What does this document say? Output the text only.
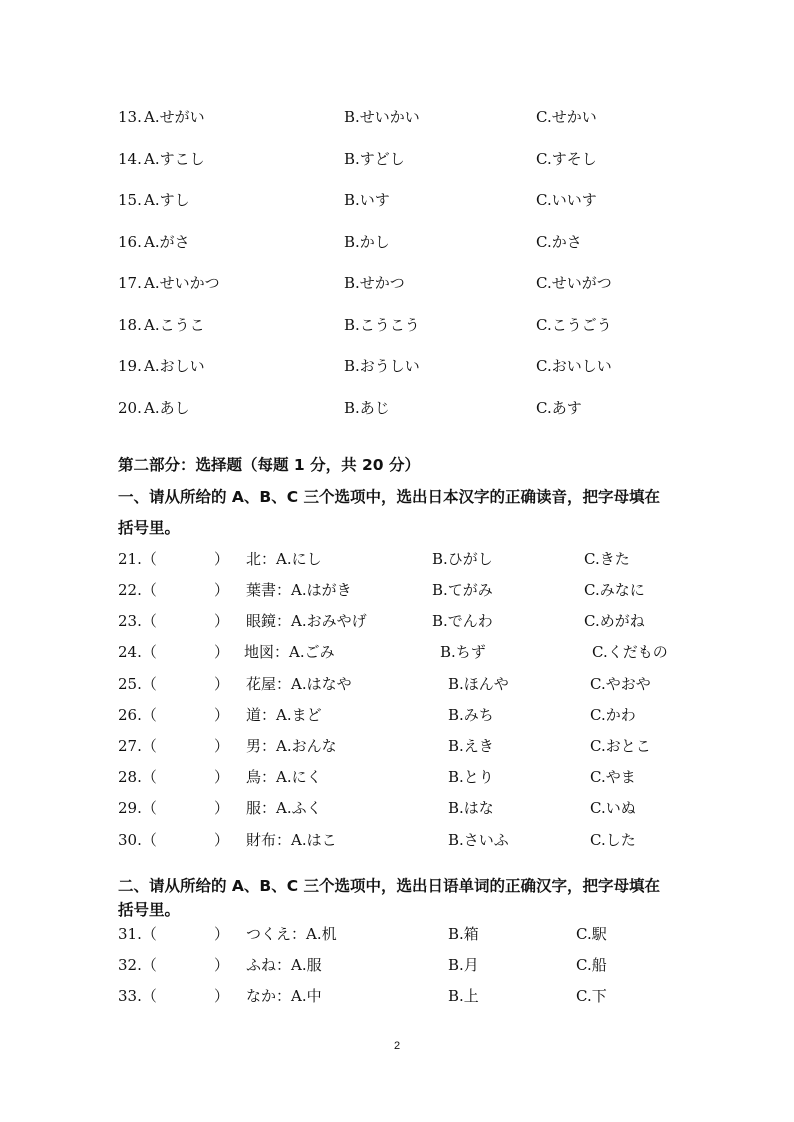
13. A.せがい	B.せいかい	C.せかい
14. A.すこし	B.すどし	C.すそし
15. A.すし	B.いす	C.いいす
16. A.がさ	B.かし	C.かさ
17. A.せいかつ	B.せかつ	C.せいがつ
18. A.こうこ	B.こうこう	C.こうごう
19. A.おしい	B.おうしい	C.おいしい
20. A.あし	B.あじ	C.あす
第二部分：选择题（每题 1 分，共 20 分）
一、请从所给的 A、B、C 三个选项中，选出日本汉字的正确读音，把字母填在
括号里。
21.（	） 北：A.にし	B.ひがし	C.きた
22.（	） 葉書：A.はがき	B.てがみ	C.みなに
23.（	） 眼鏡：A.おみやげ	B.でんわ	C.めがね
24.（	） 地図：A.ごみ	B.ちず	C.くだもの
25.（	） 花屋：A.はなや	B.ほんや	C.やおや
26.（	） 道：A.まど	B.みち	C.かわ
27.（	） 男：A.おんな	B.えき	C.おとこ
28.（	） 鳥：A.にく	B.とり	C.やま
29.（	） 服：A.ふく	B.はな	C.いぬ
30.（	） 財布：A.はこ	B.さいふ	C.した
二、请从所给的 A、B、C 三个选项中，选出日语单词的正确汉字，把字母填在
括号里。
31.（	） つくえ：A.机	B.箱	C.駅
32.（	） ふね：A.服	B.月	C.船
33.（	） なか：A.中	B.上	C.下
2
